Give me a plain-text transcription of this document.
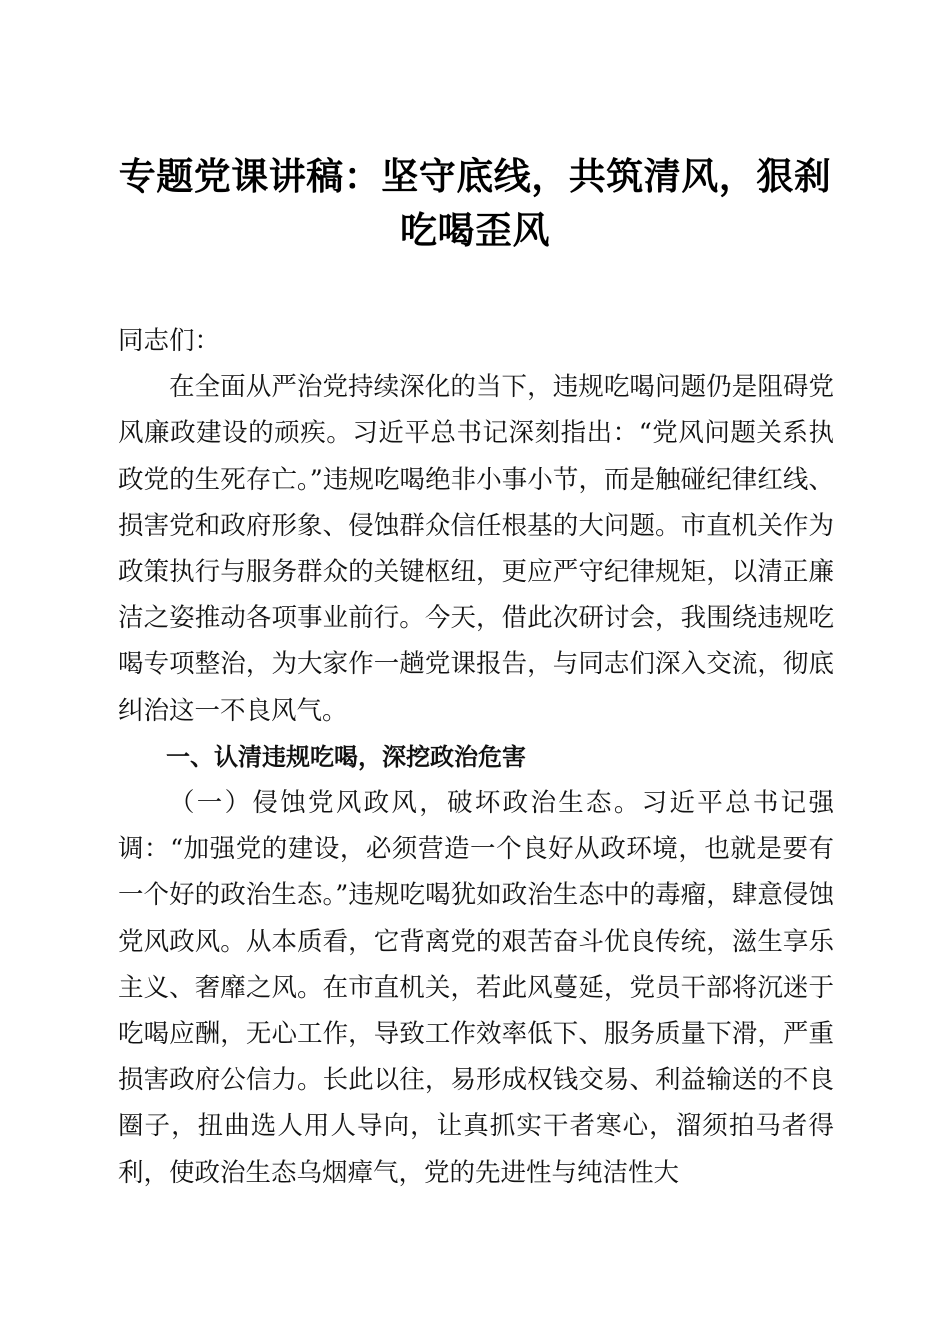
专题党课讲稿：坚守底线，共筑清风，狠刹吃喝歪风

同志们：

在全面从严治党持续深化的当下，违规吃喝问题仍是阻碍党风廉政建设的顽疾。习近平总书记深刻指出：“党风问题关系执政党的生死存亡。”违规吃喝绝非小事小节，而是触碰纪律红线、损害党和政府形象、侵蚀群众信任根基的大问题。市直机关作为政策执行与服务群众的关键枢纽，更应严守纪律规矩，以清正廉洁之姿推动各项事业前行。今天，借此次研讨会，我围绕违规吃喝专项整治，为大家作一趟党课报告，与同志们深入交流，彻底纠治这一不良风气。

一、认清违规吃喝，深挖政治危害

（一）侵蚀党风政风，破坏政治生态。习近平总书记强调：“加强党的建设，必须营造一个良好从政环境，也就是要有一个好的政治生态。”违规吃喝犹如政治生态中的毒瘤，肆意侵蚀党风政风。从本质看，它背离党的艰苦奋斗优良传统，滋生享乐主义、奢靡之风。在市直机关，若此风蔓延，党员干部将沉迷于吃喝应酬，无心工作，导致工作效率低下、服务质量下滑，严重损害政府公信力。长此以往，易形成权钱交易、利益输送的不良圈子，扭曲选人用人导向，让真抓实干者寒心，溜须拍马者得利，使政治生态乌烟瘴气，党的先进性与纯洁性大
